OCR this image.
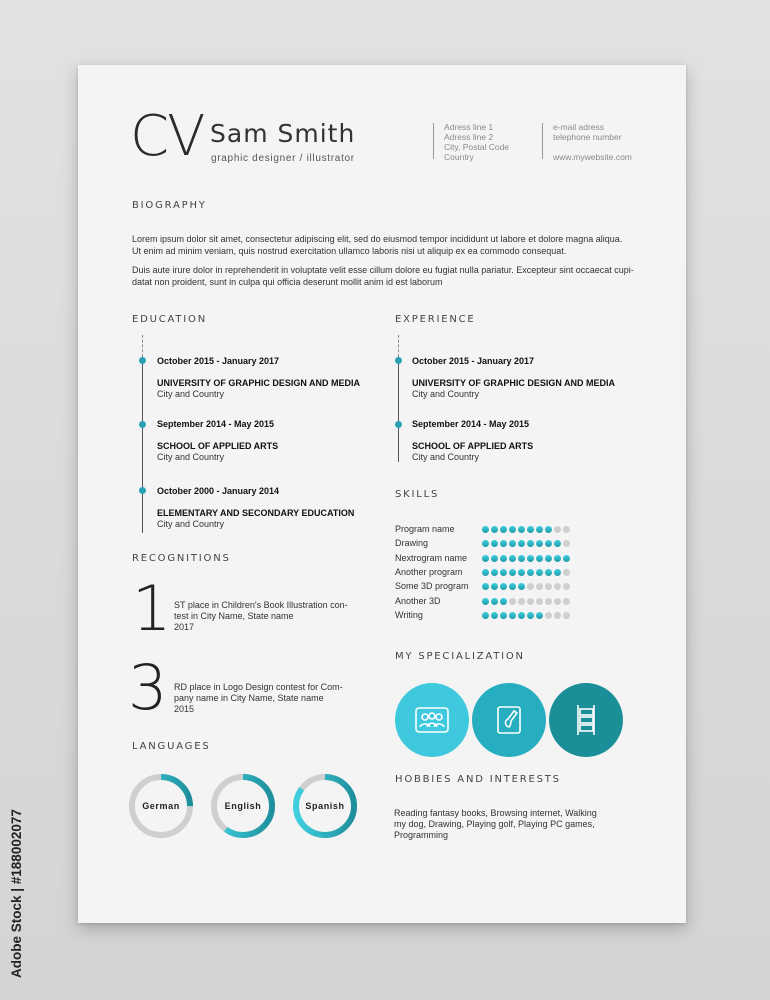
CV Sam Smith
graphic designer / illustrator
Adress line 1
Adress line 2
City, Postal Code
Country
e-mail adress
telephone number
www.mywebsite.com
BIOGRAPHY
Lorem ipsum dolor sit amet, consectetur adipiscing elit, sed do eiusmod tempor incididunt ut labore et dolore magna aliqua.
Ut enim ad minim veniam, quis nostrud exercitation ullamco laboris nisi ut aliquip ex ea commodo consequat.
Duis aute irure dolor in reprehenderit in voluptate velit esse cillum dolore eu fugiat nulla pariatur. Excepteur sint occaecat cupi-
datat non proident, sunt in culpa qui officia deserunt mollit anim id est laborum
EDUCATION
October 2015 - January 2017
UNIVERSITY OF GRAPHIC DESIGN AND MEDIA
City and Country
September 2014 - May 2015
SCHOOL OF APPLIED ARTS
City and Country
October 2000 - January 2014
ELEMENTARY AND SECONDARY EDUCATION
City and Country
EXPERIENCE
October 2015 - January 2017
UNIVERSITY OF GRAPHIC DESIGN AND MEDIA
City and Country
September 2014 - May 2015
SCHOOL OF APPLIED ARTS
City and Country
RECOGNITIONS
1 ST place in Children's Book Illustration con-
test in City Name, State name
2017
3 RD place in Logo Design contest for Com-
pany name in City Name, State name
2015
LANGUAGES
German	English	Spanish
SKILLS
Program name
Drawing
Nextrogram name
Another program
Some 3D program
Another 3D
Writing
MY SPECIALIZATION
HOBBIES AND INTERESTS
Reading fantasy books, Browsing internet, Walking
my dog, Drawing, Playing golf, Playing PC games,
Programming
Adobe Stock | #188002077
